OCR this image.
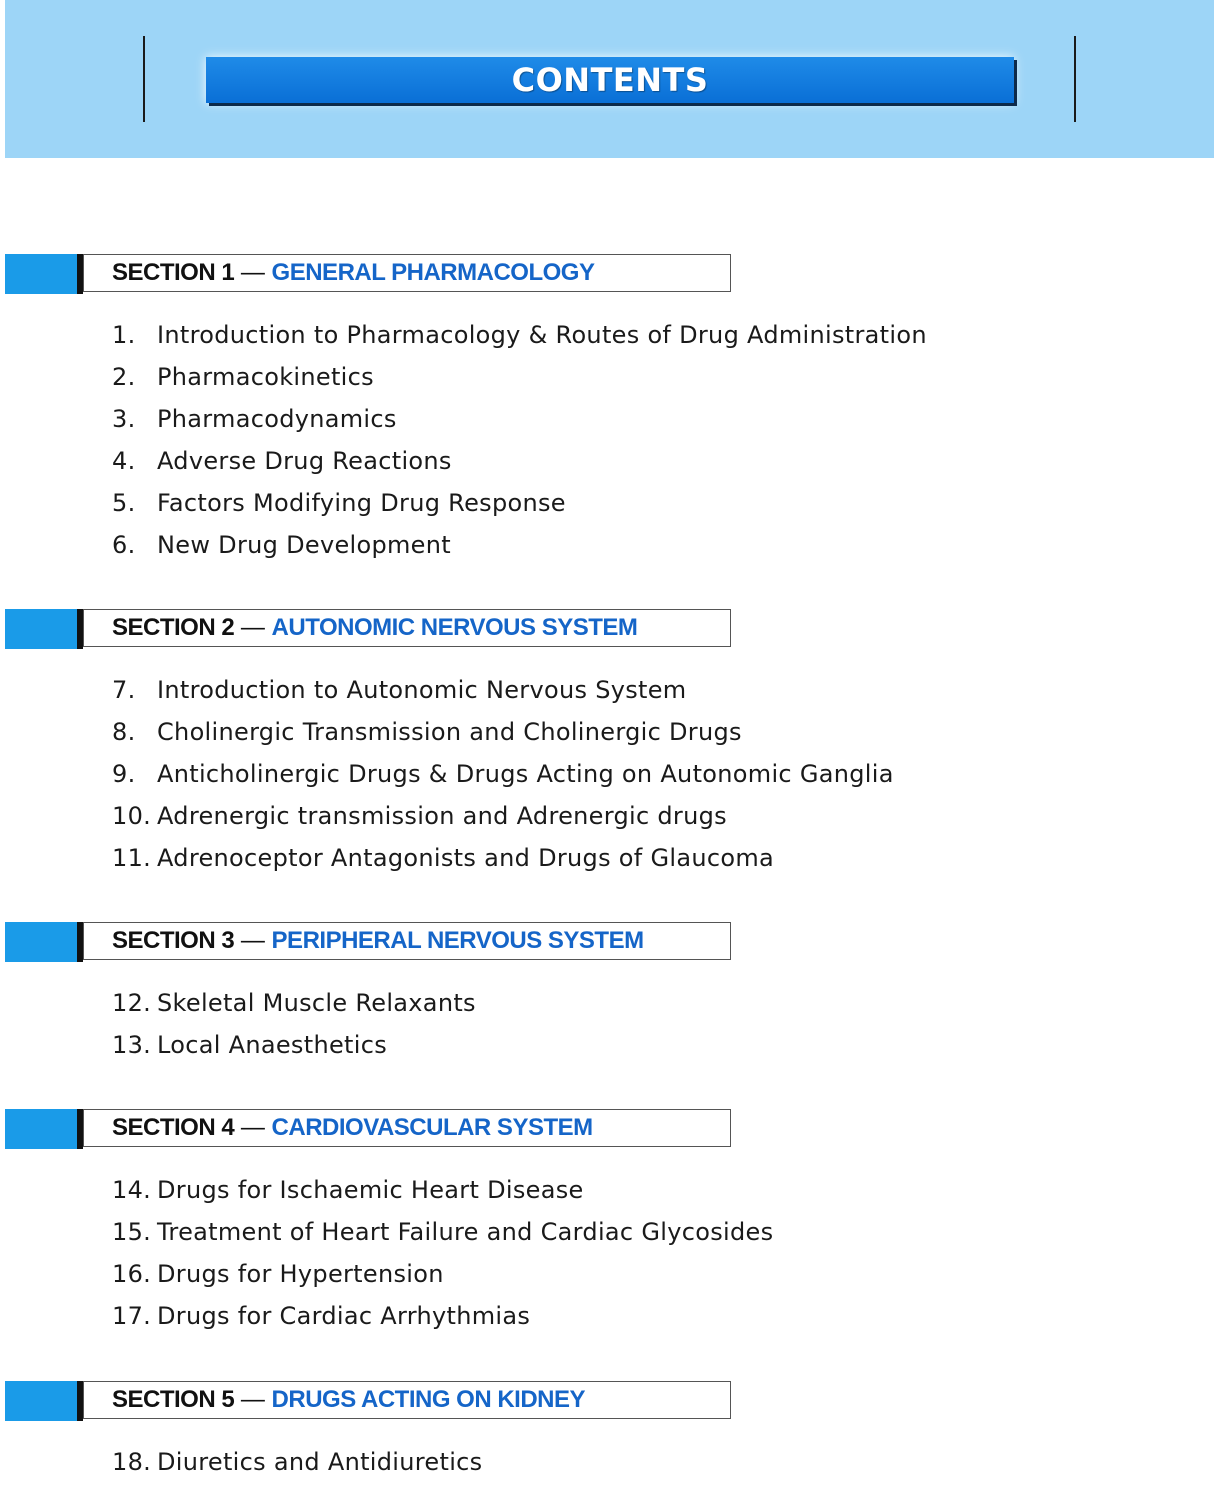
CONTENTS
SECTION 1 — GENERAL PHARMACOLOGY
1. Introduction to Pharmacology & Routes of Drug Administration
2. Pharmacokinetics
3. Pharmacodynamics
4. Adverse Drug Reactions
5. Factors Modifying Drug Response
6. New Drug Development
SECTION 2 — AUTONOMIC NERVOUS SYSTEM
7. Introduction to Autonomic Nervous System
8. Cholinergic Transmission and Cholinergic Drugs
9. Anticholinergic Drugs & Drugs Acting on Autonomic Ganglia
10. Adrenergic transmission and Adrenergic drugs
11. Adrenoceptor Antagonists and Drugs of Glaucoma
SECTION 3 — PERIPHERAL NERVOUS SYSTEM
12. Skeletal Muscle Relaxants
13. Local Anaesthetics
SECTION 4 — CARDIOVASCULAR SYSTEM
14. Drugs for Ischaemic Heart Disease
15. Treatment of Heart Failure and Cardiac Glycosides
16. Drugs for Hypertension
17. Drugs for Cardiac Arrhythmias
SECTION 5 — DRUGS ACTING ON KIDNEY
18. Diuretics and Antidiuretics
